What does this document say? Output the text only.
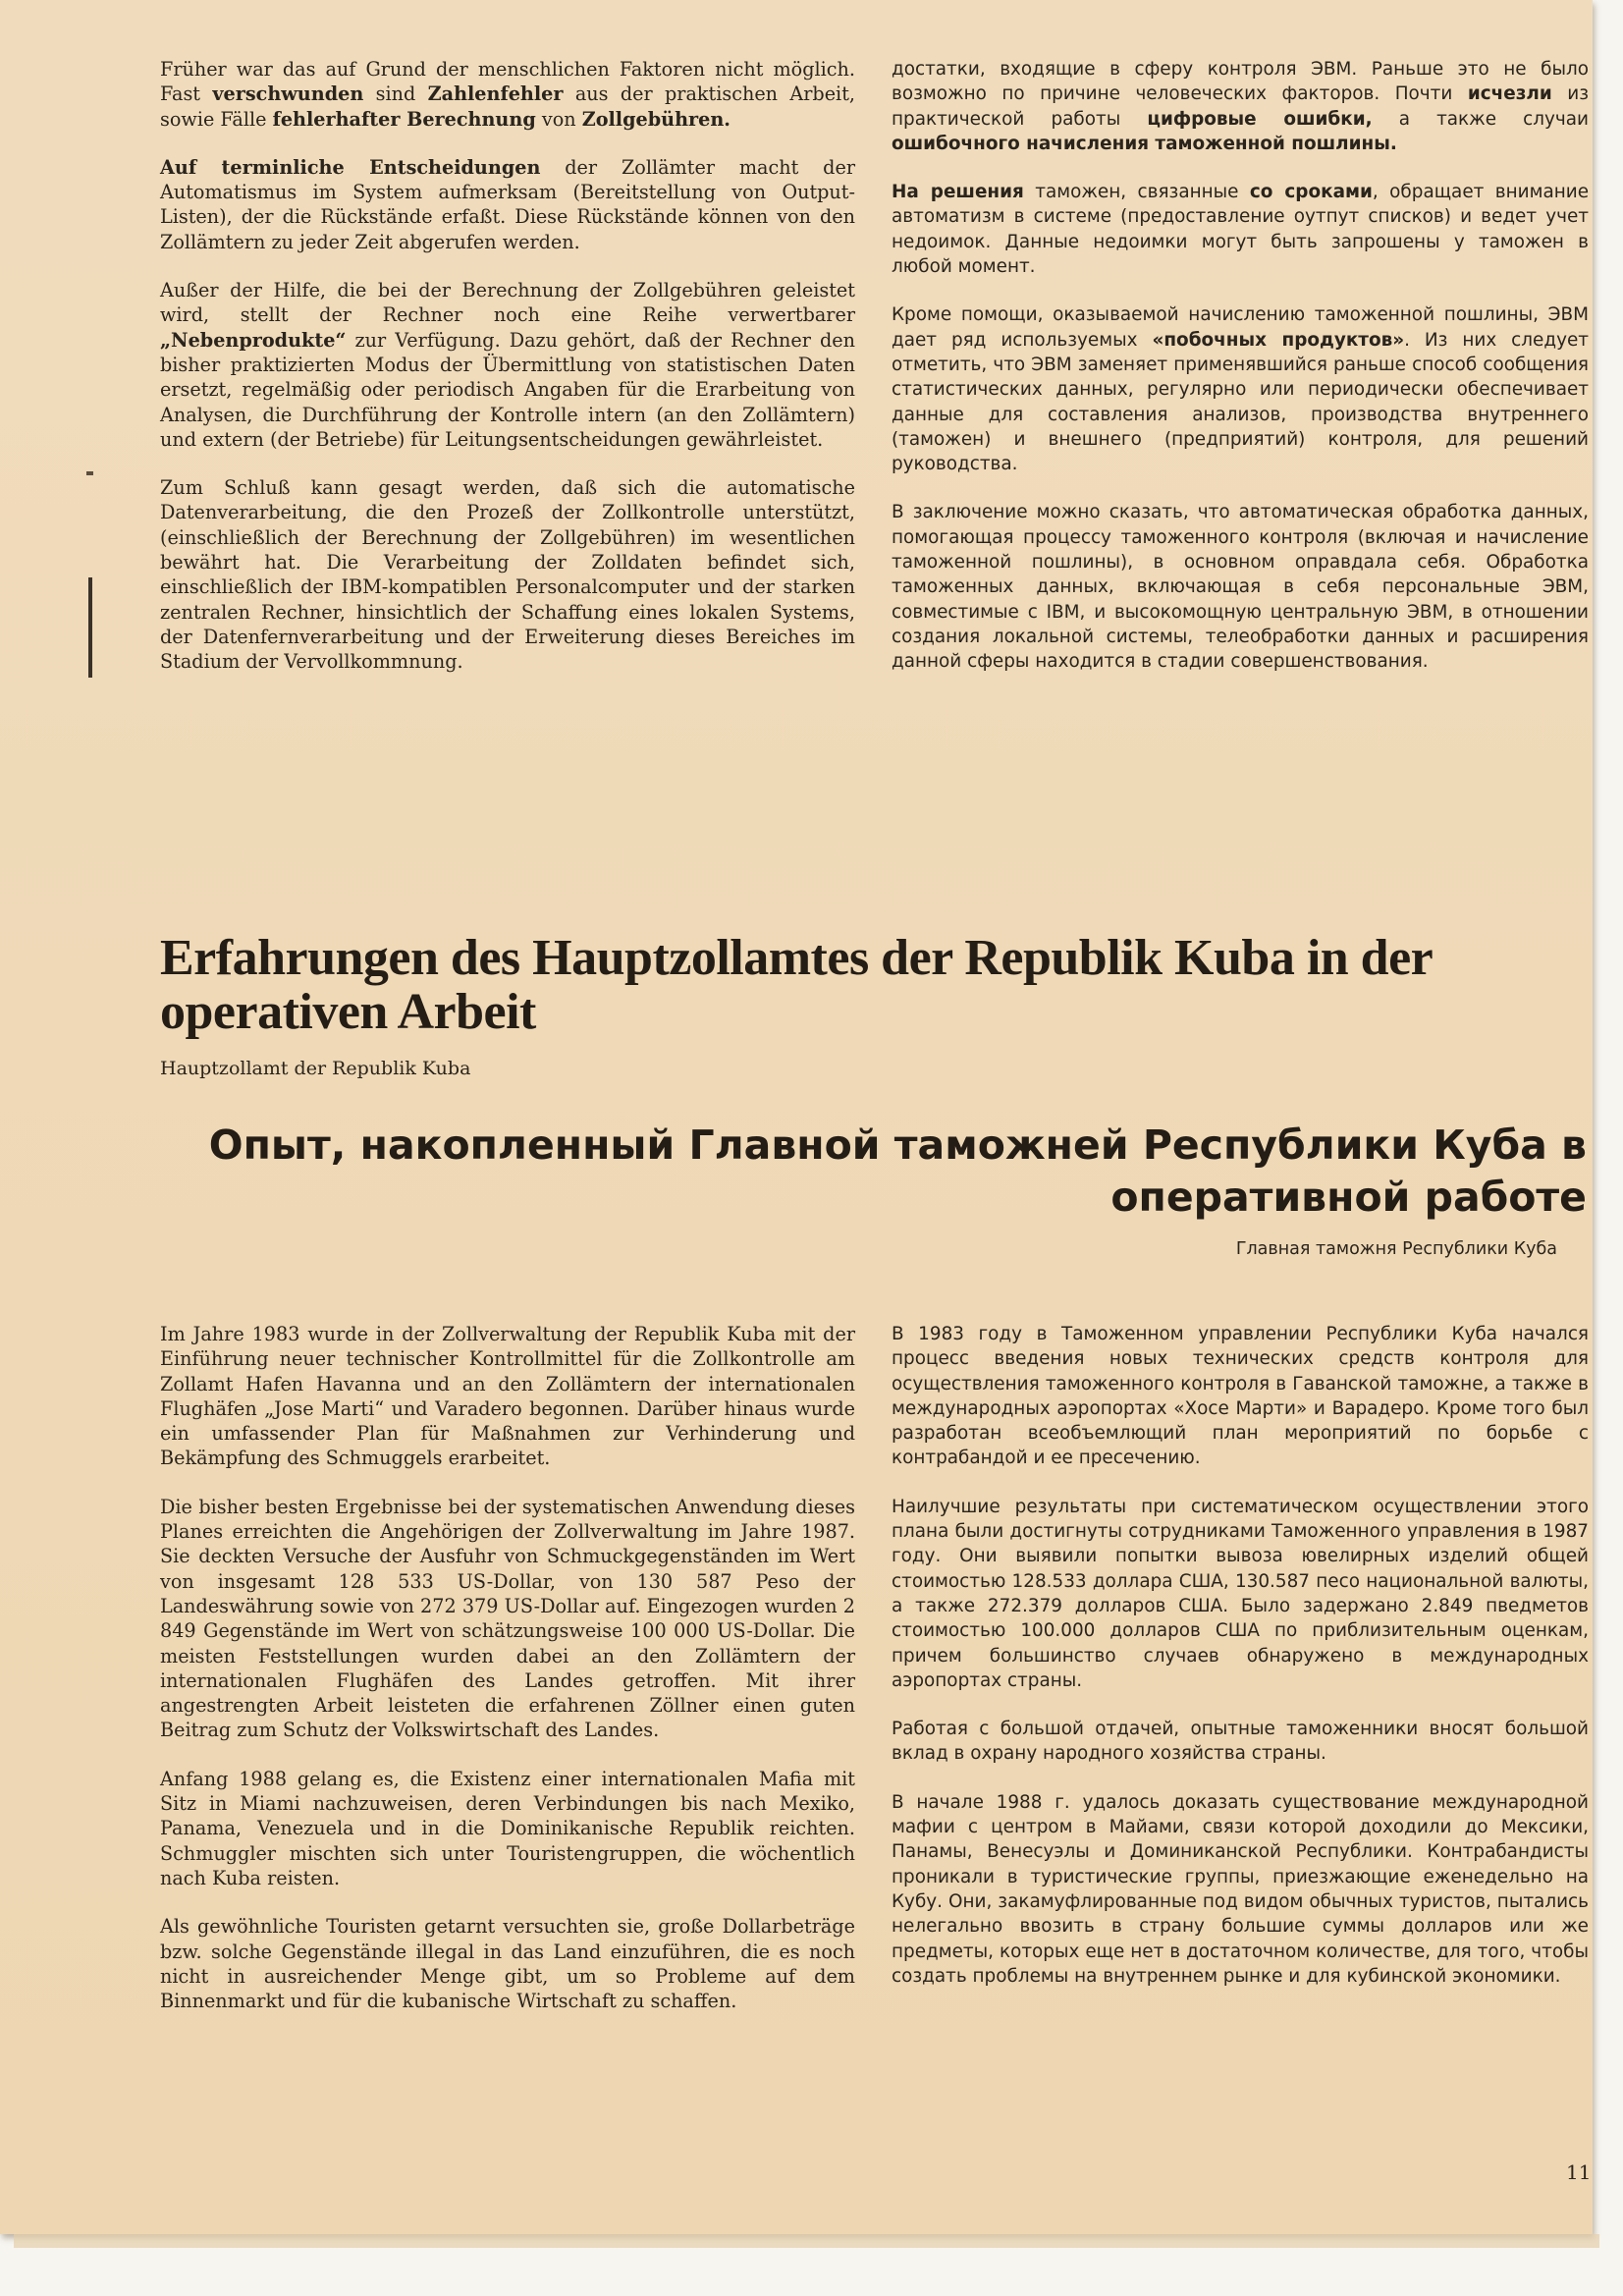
Früher war das auf Grund der menschlichen Faktoren nicht möglich. Fast verschwunden sind Zahlenfehler aus der praktischen Arbeit, sowie Fälle fehlerhafter Berechnung von Zollgebühren.

Auf terminliche Entscheidungen der Zollämter macht der Automatismus im System aufmerksam (Bereitstellung von Output-Listen), der die Rückstände erfaßt. Diese Rückstände können von den Zollämtern zu jeder Zeit abgerufen werden.

Außer der Hilfe, die bei der Berechnung der Zollgebühren geleistet wird, stellt der Rechner noch eine Reihe verwertbarer „Nebenprodukte“ zur Verfügung. Dazu gehört, daß der Rechner den bisher praktizierten Modus der Übermittlung von statistischen Daten ersetzt, regelmäßig oder periodisch Angaben für die Erarbeitung von Analysen, die Durchführung der Kontrolle intern (an den Zollämtern) und extern (der Betriebe) für Leitungsentscheidungen gewährleistet.

Zum Schluß kann gesagt werden, daß sich die automatische Datenverarbeitung, die den Prozeß der Zollkontrolle unterstützt, (einschließlich der Berechnung der Zollgebühren) im wesentlichen bewährt hat. Die Verarbeitung der Zolldaten befindet sich, einschließlich der IBM-kompatiblen Personalcomputer und der starken zentralen Rechner, hinsichtlich der Schaffung eines lokalen Systems, der Datenfernverarbeitung und der Erweiterung dieses Bereiches im Stadium der Vervollkommnung.

достатки, входящие в сферу контроля ЭВМ. Раньше это не было возможно по причине человеческих факторов. Почти исчезли из практической работы цифровые ошибки, а также случаи ошибочного начисления таможенной пошлины.

На решения таможен, связанные со сроками, обращает внимание автоматизм в системе (предоставление оутпут списков) и ведет учет недоимок. Данные недоимки могут быть запрошены у таможен в любой момент.

Кроме помощи, оказываемой начислению таможенной пошлины, ЭВМ дает ряд используемых «побочных продуктов». Из них следует отметить, что ЭВМ заменяет применявшийся раньше способ сообщения статистических данных, регулярно или периодически обеспечивает данные для составления анализов, производства внутреннего (таможен) и внешнего (предприятий) контроля, для решений руководства.

В заключение можно сказать, что автоматическая обработка данных, помогающая процессу таможенного контроля (включая и начисление таможенной пошлины), в основном оправдала себя. Обработка таможенных данных, включающая в себя персональные ЭВМ, совместимые с IBM, и высокомощную центральную ЭВМ, в отношении создания локальной системы, телеобработки данных и расширения данной сферы находится в стадии совершенствования.

Erfahrungen des Hauptzollamtes der Republik Kuba in der operativen Arbeit
Hauptzollamt der Republik Kuba
Опыт, накопленный Главной таможней Республики Куба в оперативной работе
Главная таможня Республики Куба

Im Jahre 1983 wurde in der Zollverwaltung der Republik Kuba mit der Einführung neuer technischer Kontrollmittel für die Zollkontrolle am Zollamt Hafen Havanna und an den Zollämtern der internationalen Flughäfen „Jose Marti“ und Varadero begonnen. Darüber hinaus wurde ein umfassender Plan für Maßnahmen zur Verhinderung und Bekämpfung des Schmuggels erarbeitet.

Die bisher besten Ergebnisse bei der systematischen Anwendung dieses Planes erreichten die Angehörigen der Zollverwaltung im Jahre 1987. Sie deckten Versuche der Ausfuhr von Schmuckgegenständen im Wert von insgesamt 128 533 US-Dollar, von 130 587 Peso der Landeswährung sowie von 272 379 US-Dollar auf. Eingezogen wurden 2 849 Gegenstände im Wert von schätzungsweise 100 000 US-Dollar. Die meisten Feststellungen wurden dabei an den Zollämtern der internationalen Flughäfen des Landes getroffen. Mit ihrer angestrengten Arbeit leisteten die erfahrenen Zöllner einen guten Beitrag zum Schutz der Volkswirtschaft des Landes.

Anfang 1988 gelang es, die Existenz einer internationalen Mafia mit Sitz in Miami nachzuweisen, deren Verbindungen bis nach Mexiko, Panama, Venezuela und in die Dominikanische Republik reichten. Schmuggler mischten sich unter Touristengruppen, die wöchentlich nach Kuba reisten.

Als gewöhnliche Touristen getarnt versuchten sie, große Dollarbeträge bzw. solche Gegenstände illegal in das Land einzuführen, die es noch nicht in ausreichender Menge gibt, um so Probleme auf dem Binnenmarkt und für die kubanische Wirtschaft zu schaffen.

В 1983 году в Таможенном управлении Республики Куба начался процесс введения новых технических средств контроля для осуществления таможенного контроля в Гаванской таможне, а также в международных аэропортах «Хосе Марти» и Варадеро. Кроме того был разработан всеобъемлющий план мероприятий по борьбе с контрабандой и ее пресечению.

Наилучшие результаты при систематическом осуществлении этого плана были достигнуты сотрудниками Таможенного управления в 1987 году. Они выявили попытки вывоза ювелирных изделий общей стоимостью 128.533 доллара США, 130.587 песо национальной валюты, а также 272.379 долларов США. Было задержано 2.849 пведметов стоимостью 100.000 долларов США по приблизительным оценкам, причем большинство случаев обнаружено в международных аэропортах страны.

Работая с большой отдачей, опытные таможенники вносят большой вклад в охрану народного хозяйства страны.

В начале 1988 г. удалось доказать существование международной мафии с центром в Майами, связи которой доходили до Мексики, Панамы, Венесуэлы и Доминиканской Республики. Контрабандисты проникали в туристические группы, приезжающие еженедельно на Кубу. Они, закамуфлированные под видом обычных туристов, пытались нелегально ввозить в страну большие суммы долларов или же предметы, которых еще нет в достаточном количестве, для того, чтобы создать проблемы на внутреннем рынке и для кубинской экономики.

11
